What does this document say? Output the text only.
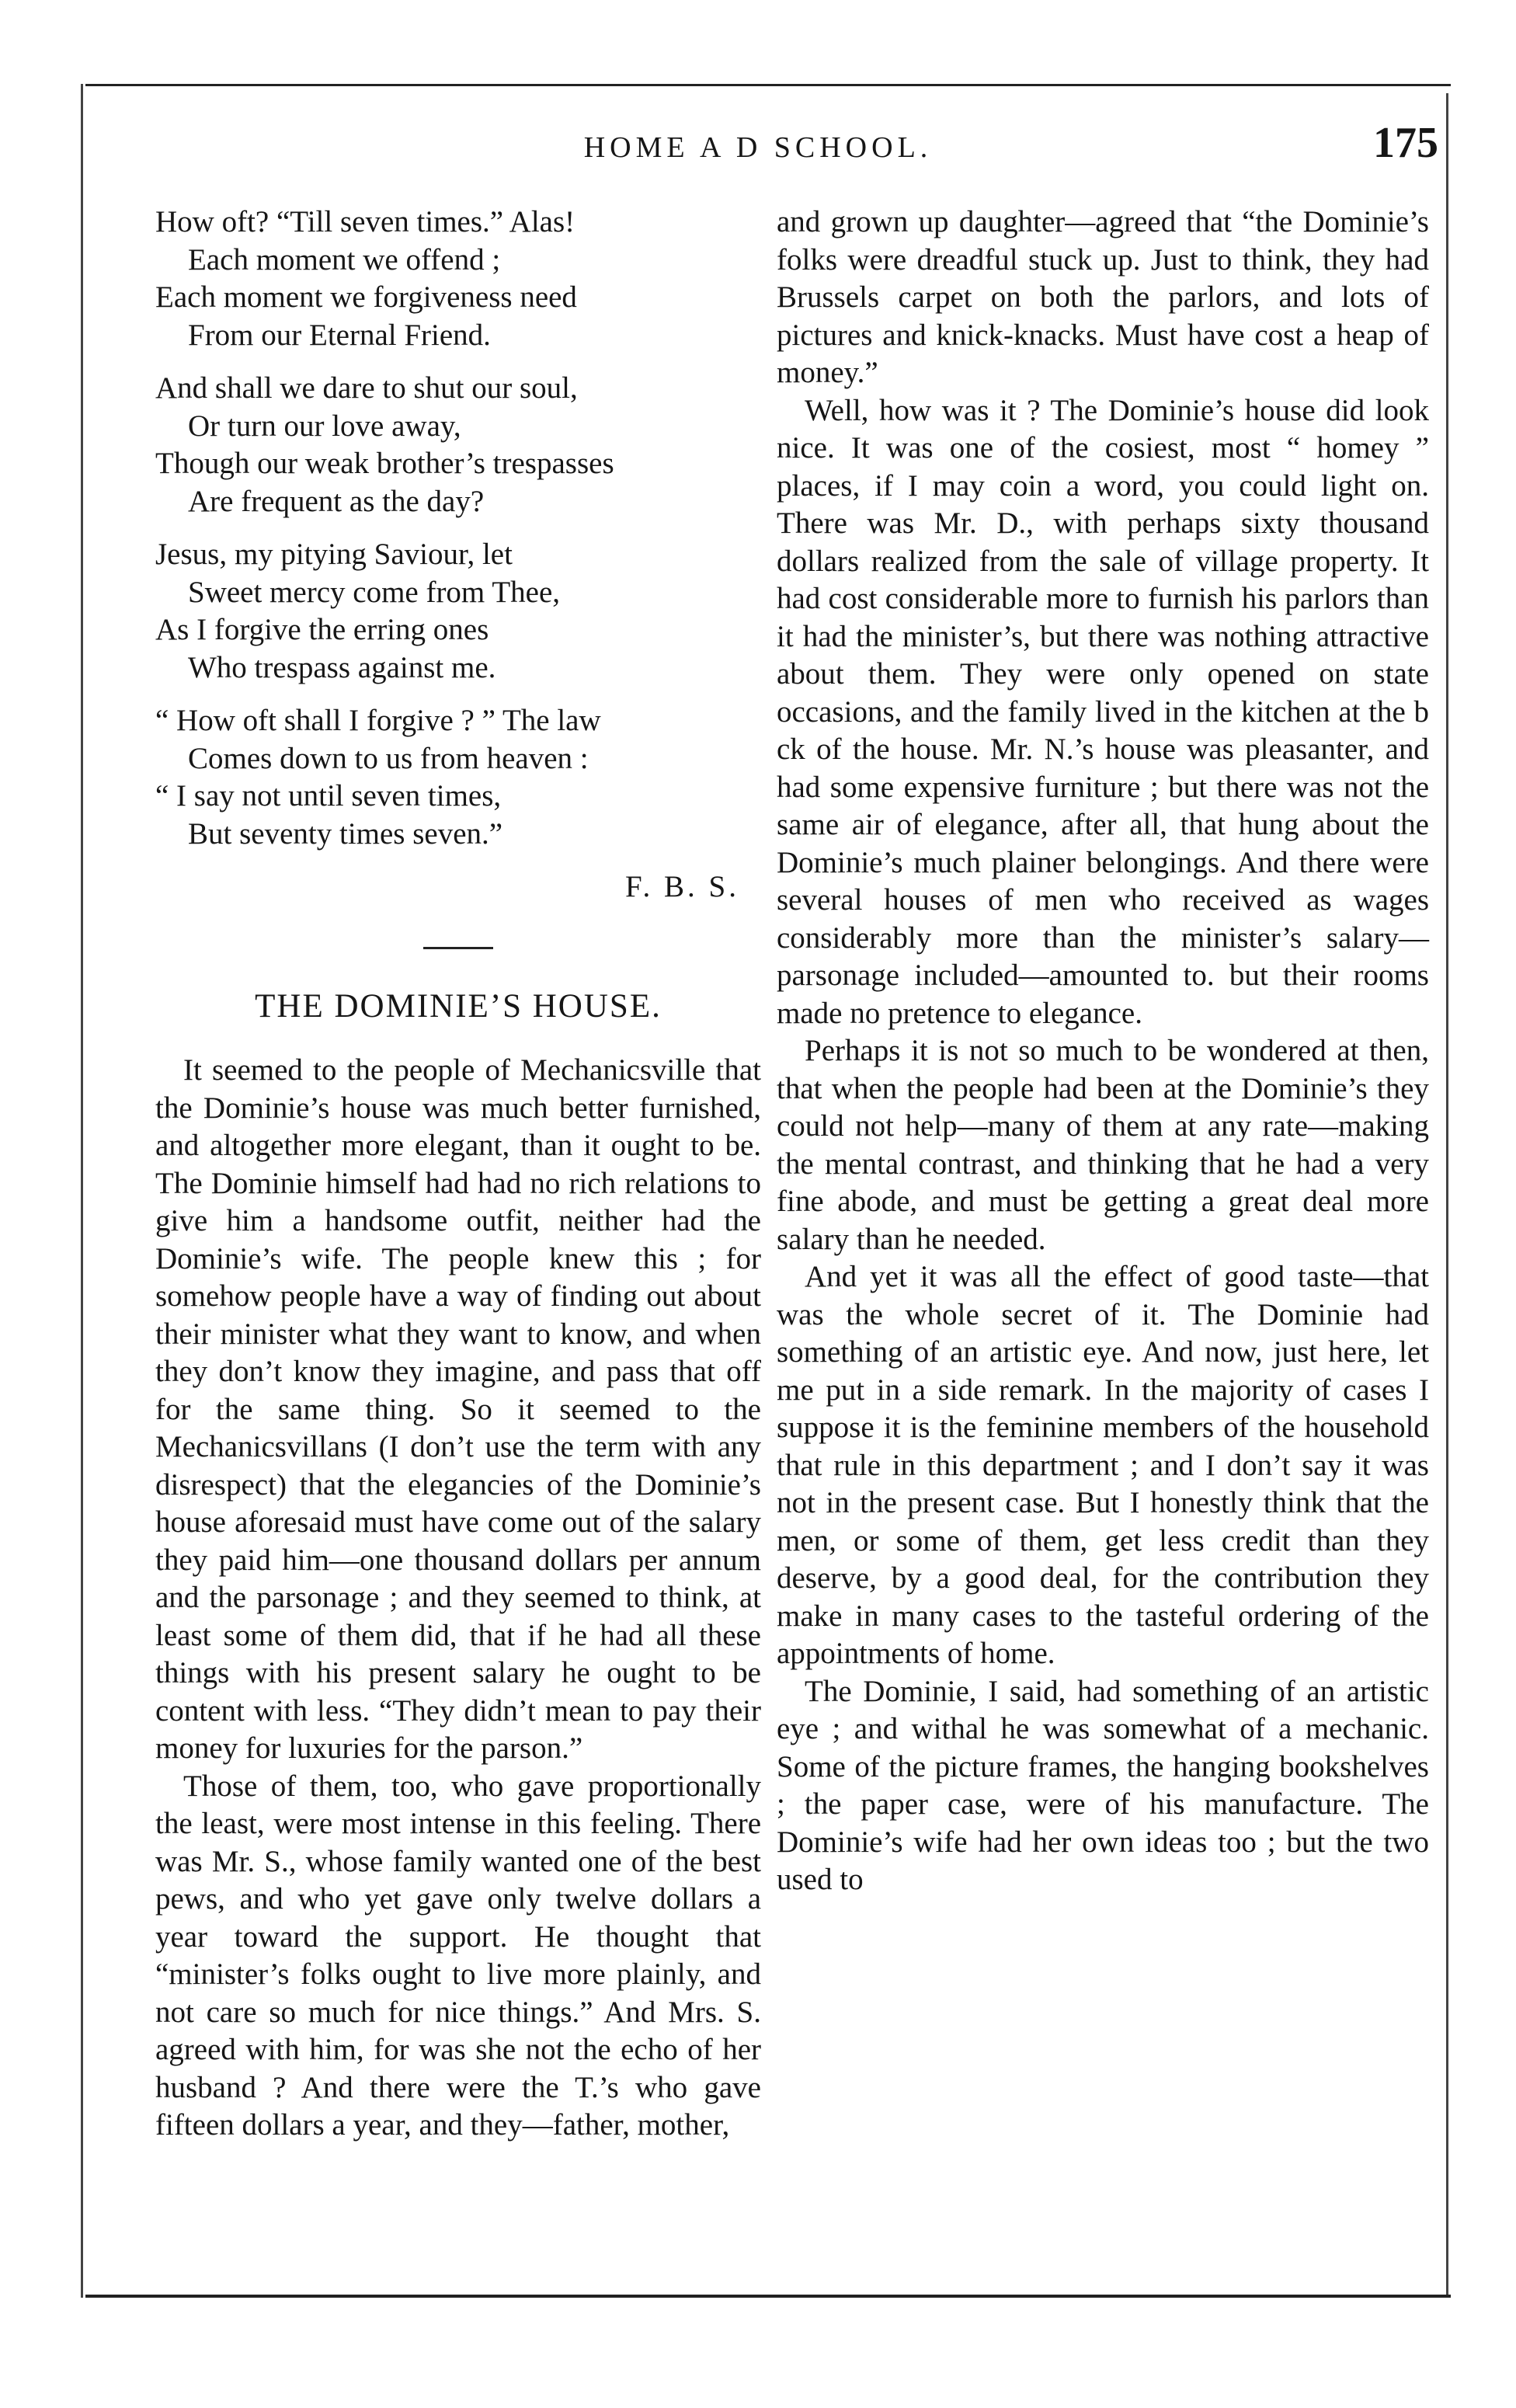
HOME A D SCHOOL.	175
How oft? “Till seven times.” Alas!
Each moment we offend ;
Each moment we forgiveness need
From our Eternal Friend.
And shall we dare to shut our soul,
Or turn our love away,
Though our weak brother’s trespasses
Are frequent as the day?
Jesus, my pitying Saviour, let
Sweet mercy come from Thee,
As I forgive the erring ones
Who trespass against me.
“ How oft shall I forgive ? ” The law
Comes down to us from heaven :
“ I say not until seven times,
But seventy times seven.”
F. B. S.
THE DOMINIE’S HOUSE.

It seemed to the people of Mechanicsville that the Dominie’s house was much better furnished, and altogether more elegant, than it ought to be. The Dominie himself had had no rich relations to give him a handsome outfit, neither had the Dominie’s wife. The people knew this ; for somehow people have a way of finding out about their minister what they want to know, and when they don’t know they imagine, and pass that off for the same thing. So it seemed to the Mechanicsvillans (I don’t use the term with any disrespect) that the elegancies of the Dominie’s house aforesaid must have come out of the salary they paid him—one thousand dollars per annum and the parsonage ; and they seemed to think, at least some of them did, that if he had all these things with his present salary he ought to be content with less. “They didn’t mean to pay their money for luxuries for the parson.”

Those of them, too, who gave proportionally the least, were most intense in this feeling. There was Mr. S., whose family wanted one of the best pews, and who yet gave only twelve dollars a year toward the support. He thought that “minister’s folks ought to live more plainly, and not care so much for nice things.” And Mrs. S. agreed with him, for was she not the echo of her husband ? And there were the T.’s who gave fifteen dollars a year, and they—father, mother,

and grown up daughter—agreed that “the Dominie’s folks were dreadful stuck up. Just to think, they had Brussels carpet on both the parlors, and lots of pictures and knick-knacks. Must have cost a heap of money.”

Well, how was it ? The Dominie’s house did look nice. It was one of the cosiest, most “ homey ” places, if I may coin a word, you could light on. There was Mr. D., with perhaps sixty thousand dollars realized from the sale of village property. It had cost considerable more to furnish his parlors than it had the minister’s, but there was nothing attractive about them. They were only opened on state occasions, and the family lived in the kitchen at the b ck of the house. Mr. N.’s house was pleasanter, and had some expensive furniture ; but there was not the same air of elegance, after all, that hung about the Dominie’s much plainer belongings. And there were several houses of men who received as wages considerably more than the minister’s salary—parsonage included—amounted to. but their rooms made no pretence to elegance.

Perhaps it is not so much to be wondered at then, that when the people had been at the Dominie’s they could not help—many of them at any rate—making the mental contrast, and thinking that he had a very fine abode, and must be getting a great deal more salary than he needed.

And yet it was all the effect of good taste—that was the whole secret of it. The Dominie had something of an artistic eye. And now, just here, let me put in a side remark. In the majority of cases I suppose it is the feminine members of the household that rule in this department ; and I don’t say it was not in the present case. But I honestly think that the men, or some of them, get less credit than they deserve, by a good deal, for the contribution they make in many cases to the tasteful ordering of the appointments of home.

The Dominie, I said, had something of an artistic eye ; and withal he was somewhat of a mechanic. Some of the picture frames, the hanging bookshelves ; the paper case, were of his manufacture. The Dominie’s wife had her own ideas too ; but the two used to
